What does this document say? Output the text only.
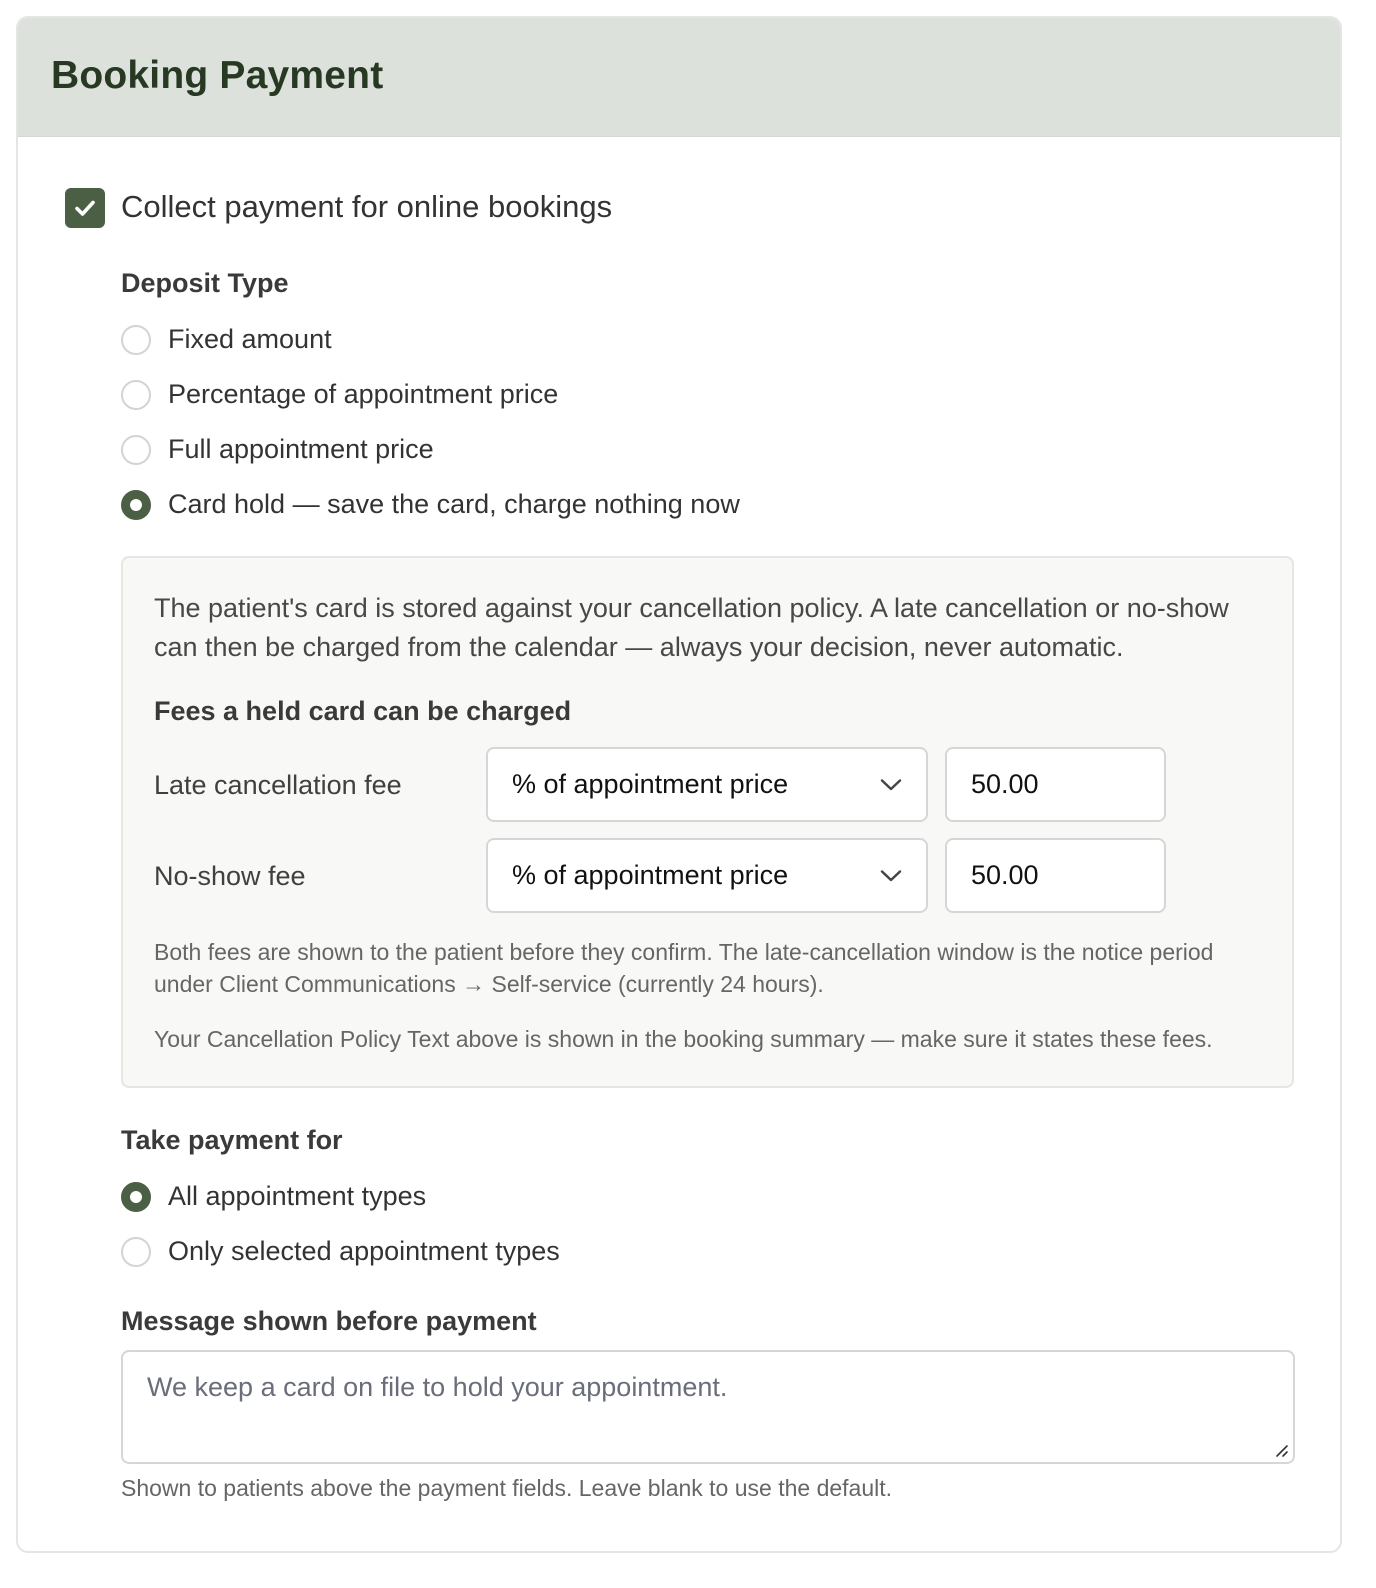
Booking Payment
Collect payment for online bookings
Deposit Type
Fixed amount
Percentage of appointment price
Full appointment price
Card hold — save the card, charge nothing now
The patient's card is stored against your cancellation policy. A late cancellation or no-show
can then be charged from the calendar — always your decision, never automatic.
Fees a held card can be charged
Late cancellation fee	% of appointment price	50.00
No-show fee	% of appointment price	50.00
Both fees are shown to the patient before they confirm. The late-cancellation window is the notice period
under Client Communications → Self-service (currently 24 hours).
Your Cancellation Policy Text above is shown in the booking summary — make sure it states these fees.
Take payment for
All appointment types
Only selected appointment types
Message shown before payment
We keep a card on file to hold your appointment.
Shown to patients above the payment fields. Leave blank to use the default.
